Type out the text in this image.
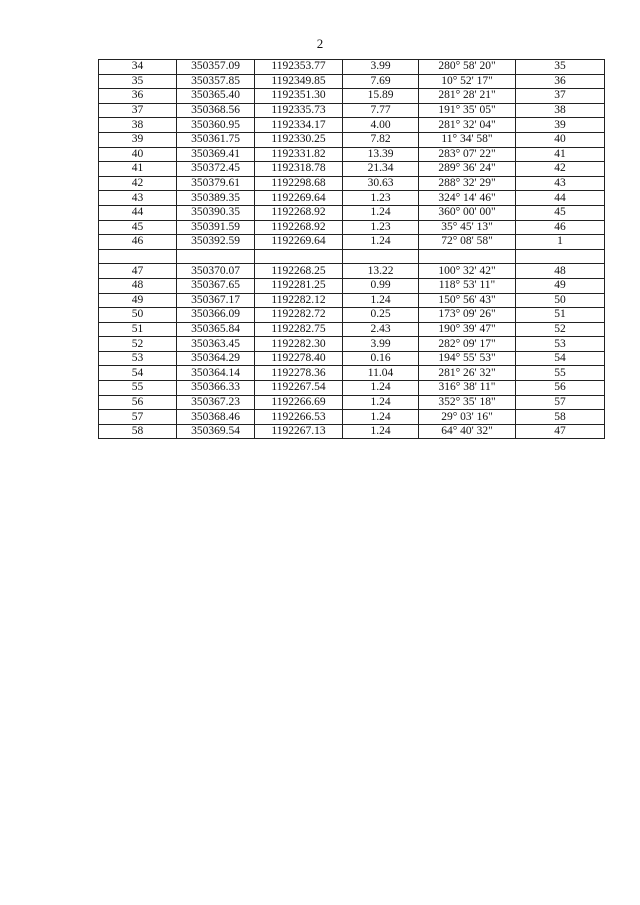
2
34	350357.09	1192353.77	3.99	280° 58' 20"	35
35	350357.85	1192349.85	7.69	10° 52' 17"	36
36	350365.40	1192351.30	15.89	281° 28' 21"	37
37	350368.56	1192335.73	7.77	191° 35' 05"	38
38	350360.95	1192334.17	4.00	281° 32' 04"	39
39	350361.75	1192330.25	7.82	11° 34' 58"	40
40	350369.41	1192331.82	13.39	283° 07' 22"	41
41	350372.45	1192318.78	21.34	289° 36' 24"	42
42	350379.61	1192298.68	30.63	288° 32' 29"	43
43	350389.35	1192269.64	1.23	324° 14' 46"	44
44	350390.35	1192268.92	1.24	360° 00' 00"	45
45	350391.59	1192268.92	1.23	35° 45' 13"	46
46	350392.59	1192269.64	1.24	72° 08' 58"	1

47	350370.07	1192268.25	13.22	100° 32' 42"	48
48	350367.65	1192281.25	0.99	118° 53' 11"	49
49	350367.17	1192282.12	1.24	150° 56' 43"	50
50	350366.09	1192282.72	0.25	173° 09' 26"	51
51	350365.84	1192282.75	2.43	190° 39' 47"	52
52	350363.45	1192282.30	3.99	282° 09' 17"	53
53	350364.29	1192278.40	0.16	194° 55' 53"	54
54	350364.14	1192278.36	11.04	281° 26' 32"	55
55	350366.33	1192267.54	1.24	316° 38' 11"	56
56	350367.23	1192266.69	1.24	352° 35' 18"	57
57	350368.46	1192266.53	1.24	29° 03' 16"	58
58	350369.54	1192267.13	1.24	64° 40' 32"	47
